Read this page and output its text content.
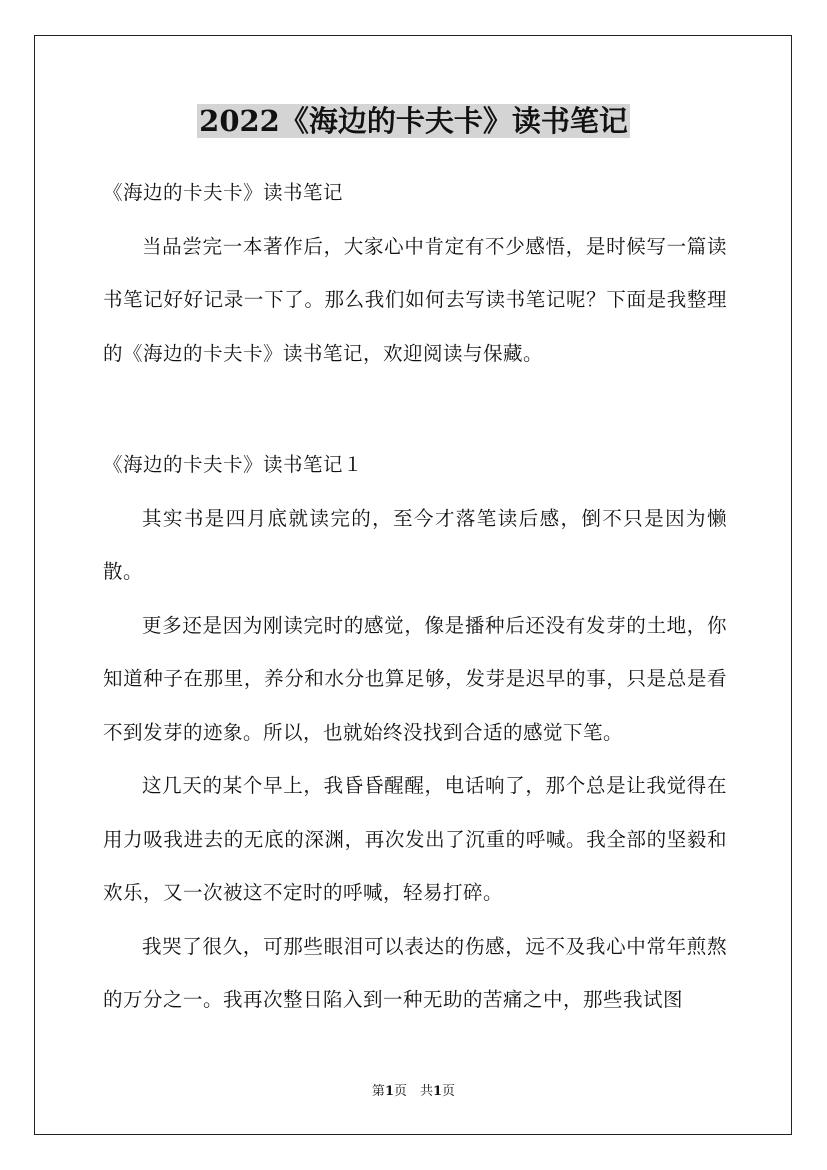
2022《海边的卡夫卡》读书笔记

《海边的卡夫卡》读书笔记

当品尝完一本著作后，大家心中肯定有不少感悟，是时候写一篇读书笔记好好记录一下了。那么我们如何去写读书笔记呢？下面是我整理的《海边的卡夫卡》读书笔记，欢迎阅读与保藏。

《海边的卡夫卡》读书笔记１

其实书是四月底就读完的，至今才落笔读后感，倒不只是因为懒散。

更多还是因为刚读完时的感觉，像是播种后还没有发芽的土地，你知道种子在那里，养分和水分也算足够，发芽是迟早的事，只是总是看不到发芽的迹象。所以，也就始终没找到合适的感觉下笔。

这几天的某个早上，我昏昏醒醒，电话响了，那个总是让我觉得在用力吸我进去的无底的深渊，再次发出了沉重的呼喊。我全部的坚毅和欢乐，又一次被这不定时的呼喊，轻易打碎。

我哭了很久，可那些眼泪可以表达的伤感，远不及我心中常年煎熬的万分之一。我再次整日陷入到一种无助的苦痛之中，那些我试图

第1页　共1页
